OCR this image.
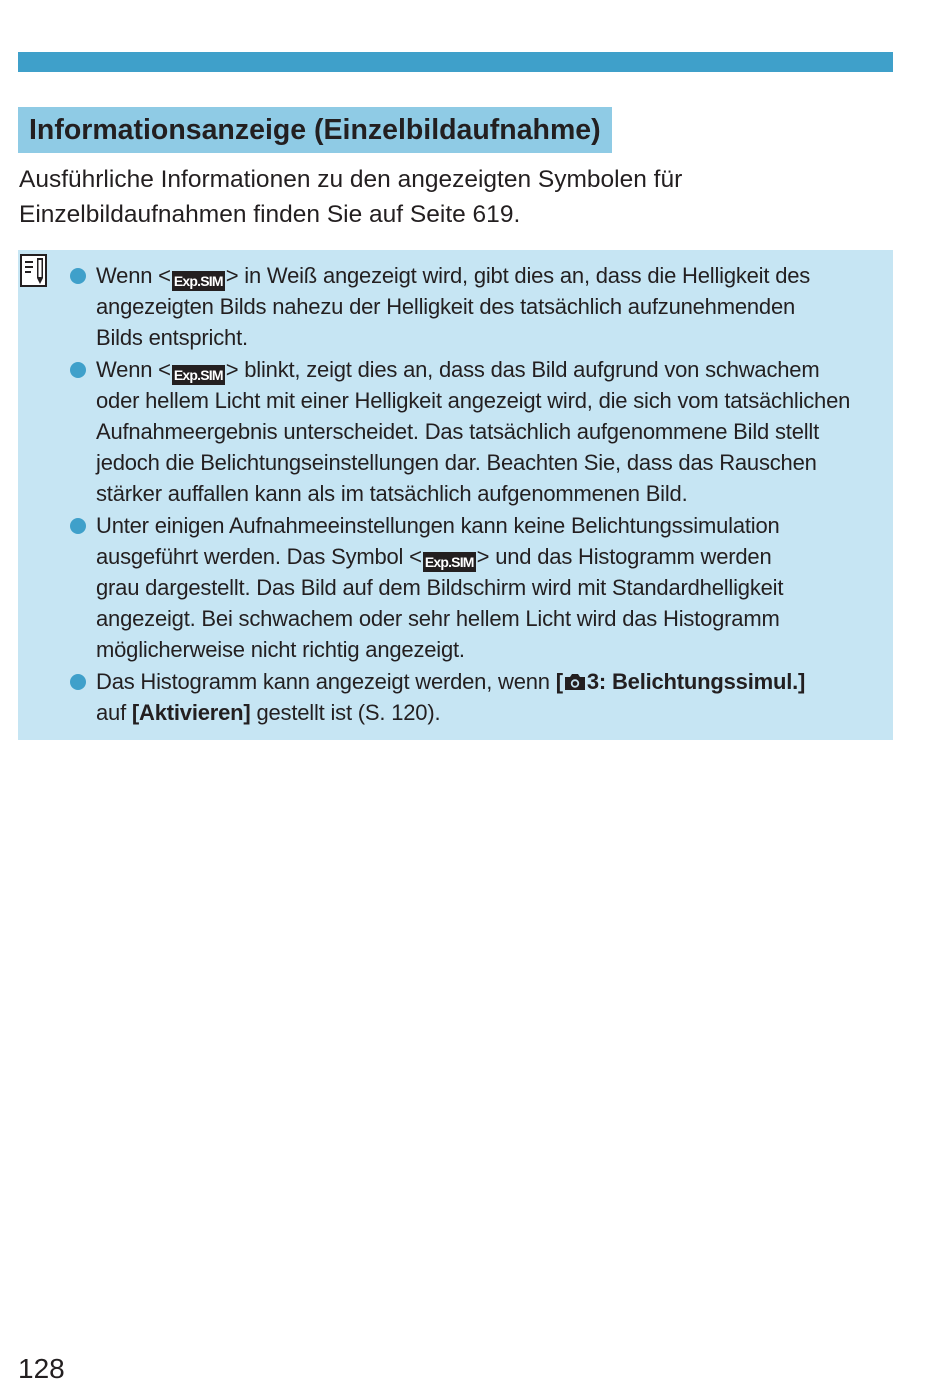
Informationsanzeige (Einzelbildaufnahme)

Ausführliche Informationen zu den angezeigten Symbolen für
Einzelbildaufnahmen finden Sie auf Seite 619.

Wenn < Exp.SIM > in Weiß angezeigt wird, gibt dies an, dass die Helligkeit des
angezeigten Bilds nahezu der Helligkeit des tatsächlich aufzunehmenden
Bilds entspricht.
Wenn < Exp.SIM > blinkt, zeigt dies an, dass das Bild aufgrund von schwachem
oder hellem Licht mit einer Helligkeit angezeigt wird, die sich vom tatsächlichen
Aufnahmeergebnis unterscheidet. Das tatsächlich aufgenommene Bild stellt
jedoch die Belichtungseinstellungen dar. Beachten Sie, dass das Rauschen
stärker auffallen kann als im tatsächlich aufgenommenen Bild.
Unter einigen Aufnahmeeinstellungen kann keine Belichtungssimulation
ausgeführt werden. Das Symbol < Exp.SIM > und das Histogramm werden
grau dargestellt. Das Bild auf dem Bildschirm wird mit Standardhelligkeit
angezeigt. Bei schwachem oder sehr hellem Licht wird das Histogramm
möglicherweise nicht richtig angezeigt.
Das Histogramm kann angezeigt werden, wenn [ 3: Belichtungssimul.]
auf [Aktivieren] gestellt ist (S. 120).
128
